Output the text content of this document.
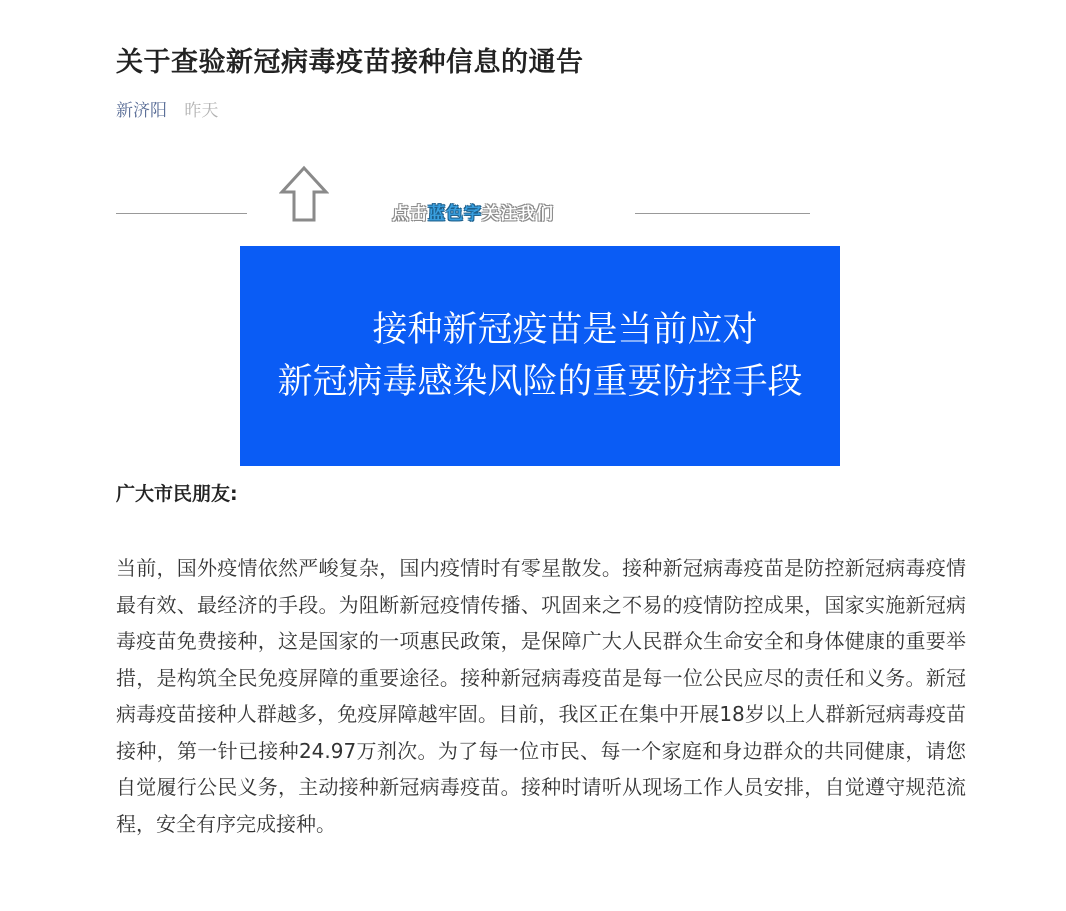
关于查验新冠病毒疫苗接种信息的通告
新济阳 昨天
点击蓝色字关注我们
接种新冠疫苗是当前应对
新冠病毒感染风险的重要防控手段
广大市民朋友:

当前，国外疫情依然严峻复杂，国内疫情时有零星散发。接种新冠病毒疫苗是防控新冠病毒疫情最有效、最经济的手段。为阻断新冠疫情传播、巩固来之不易的疫情防控成果，国家实施新冠病毒疫苗免费接种，这是国家的一项惠民政策，是保障广大人民群众生命安全和身体健康的重要举措，是构筑全民免疫屏障的重要途径。接种新冠病毒疫苗是每一位公民应尽的责任和义务。新冠病毒疫苗接种人群越多，免疫屏障越牢固。目前，我区正在集中开展18岁以上人群新冠病毒疫苗接种，第一针已接种24.97万剂次。为了每一位市民、每一个家庭和身边群众的共同健康，请您自觉履行公民义务，主动接种新冠病毒疫苗。接种时请听从现场工作人员安排，自觉遵守规范流程，安全有序完成接种。
